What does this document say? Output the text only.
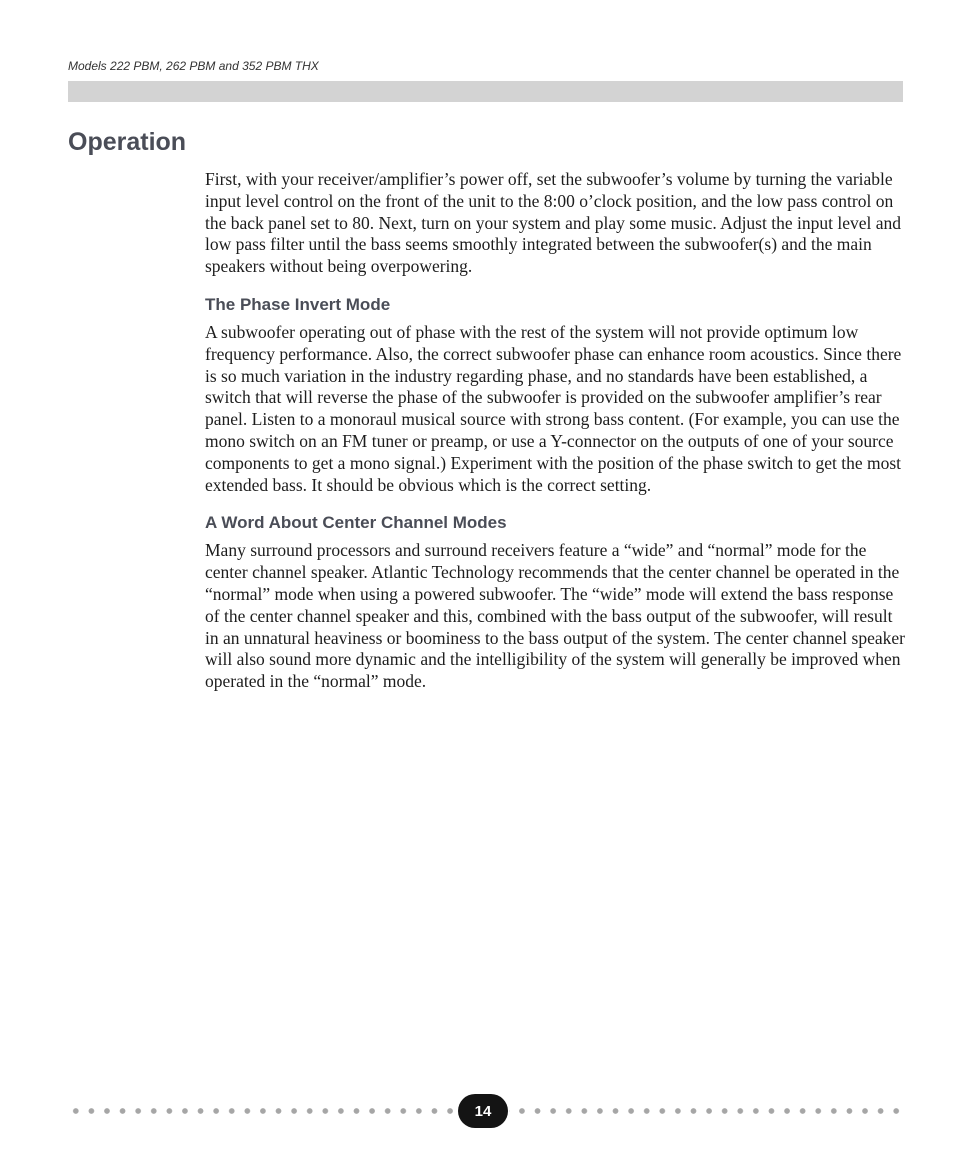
Models 222 PBM, 262 PBM and 352 PBM THX
Operation

First, with your receiver/amplifier’s power off, set the subwoofer’s volume by turning the variable input level control on the front of the unit to the 8:00 o’clock position, and the low pass control on the back panel set to 80. Next, turn on your system and play some music. Adjust the input level and low pass filter until the bass seems smoothly integrated between the subwoofer(s) and the main speakers without being overpowering.

The Phase Invert Mode

A subwoofer operating out of phase with the rest of the system will not provide optimum low frequency performance. Also, the correct subwoofer phase can enhance room acoustics. Since there is so much variation in the industry regarding phase, and no standards have been established, a switch that will reverse the phase of the subwoofer is provided on the subwoofer amplifier’s rear panel. Listen to a monoraul musical source with strong bass content. (For example, you can use the mono switch on an FM tuner or preamp, or use a Y-connector on the outputs of one of your source components to get a mono signal.) Experiment with the position of the phase switch to get the most extended bass. It should be obvious which is the correct setting.

A Word About Center Channel Modes

Many surround processors and surround receivers feature a “wide” and “normal” mode for the center channel speaker. Atlantic Technology recommends that the center channel be operated in the “normal” mode when using a powered subwoofer. The “wide” mode will extend the bass response of the center channel speaker and this, combined with the bass output of the subwoofer, will result in an unnatural heaviness or boominess to the bass output of the system. The center channel speaker will also sound more dynamic and the intelligibility of the system will generally be improved when operated in the “normal” mode.

14
